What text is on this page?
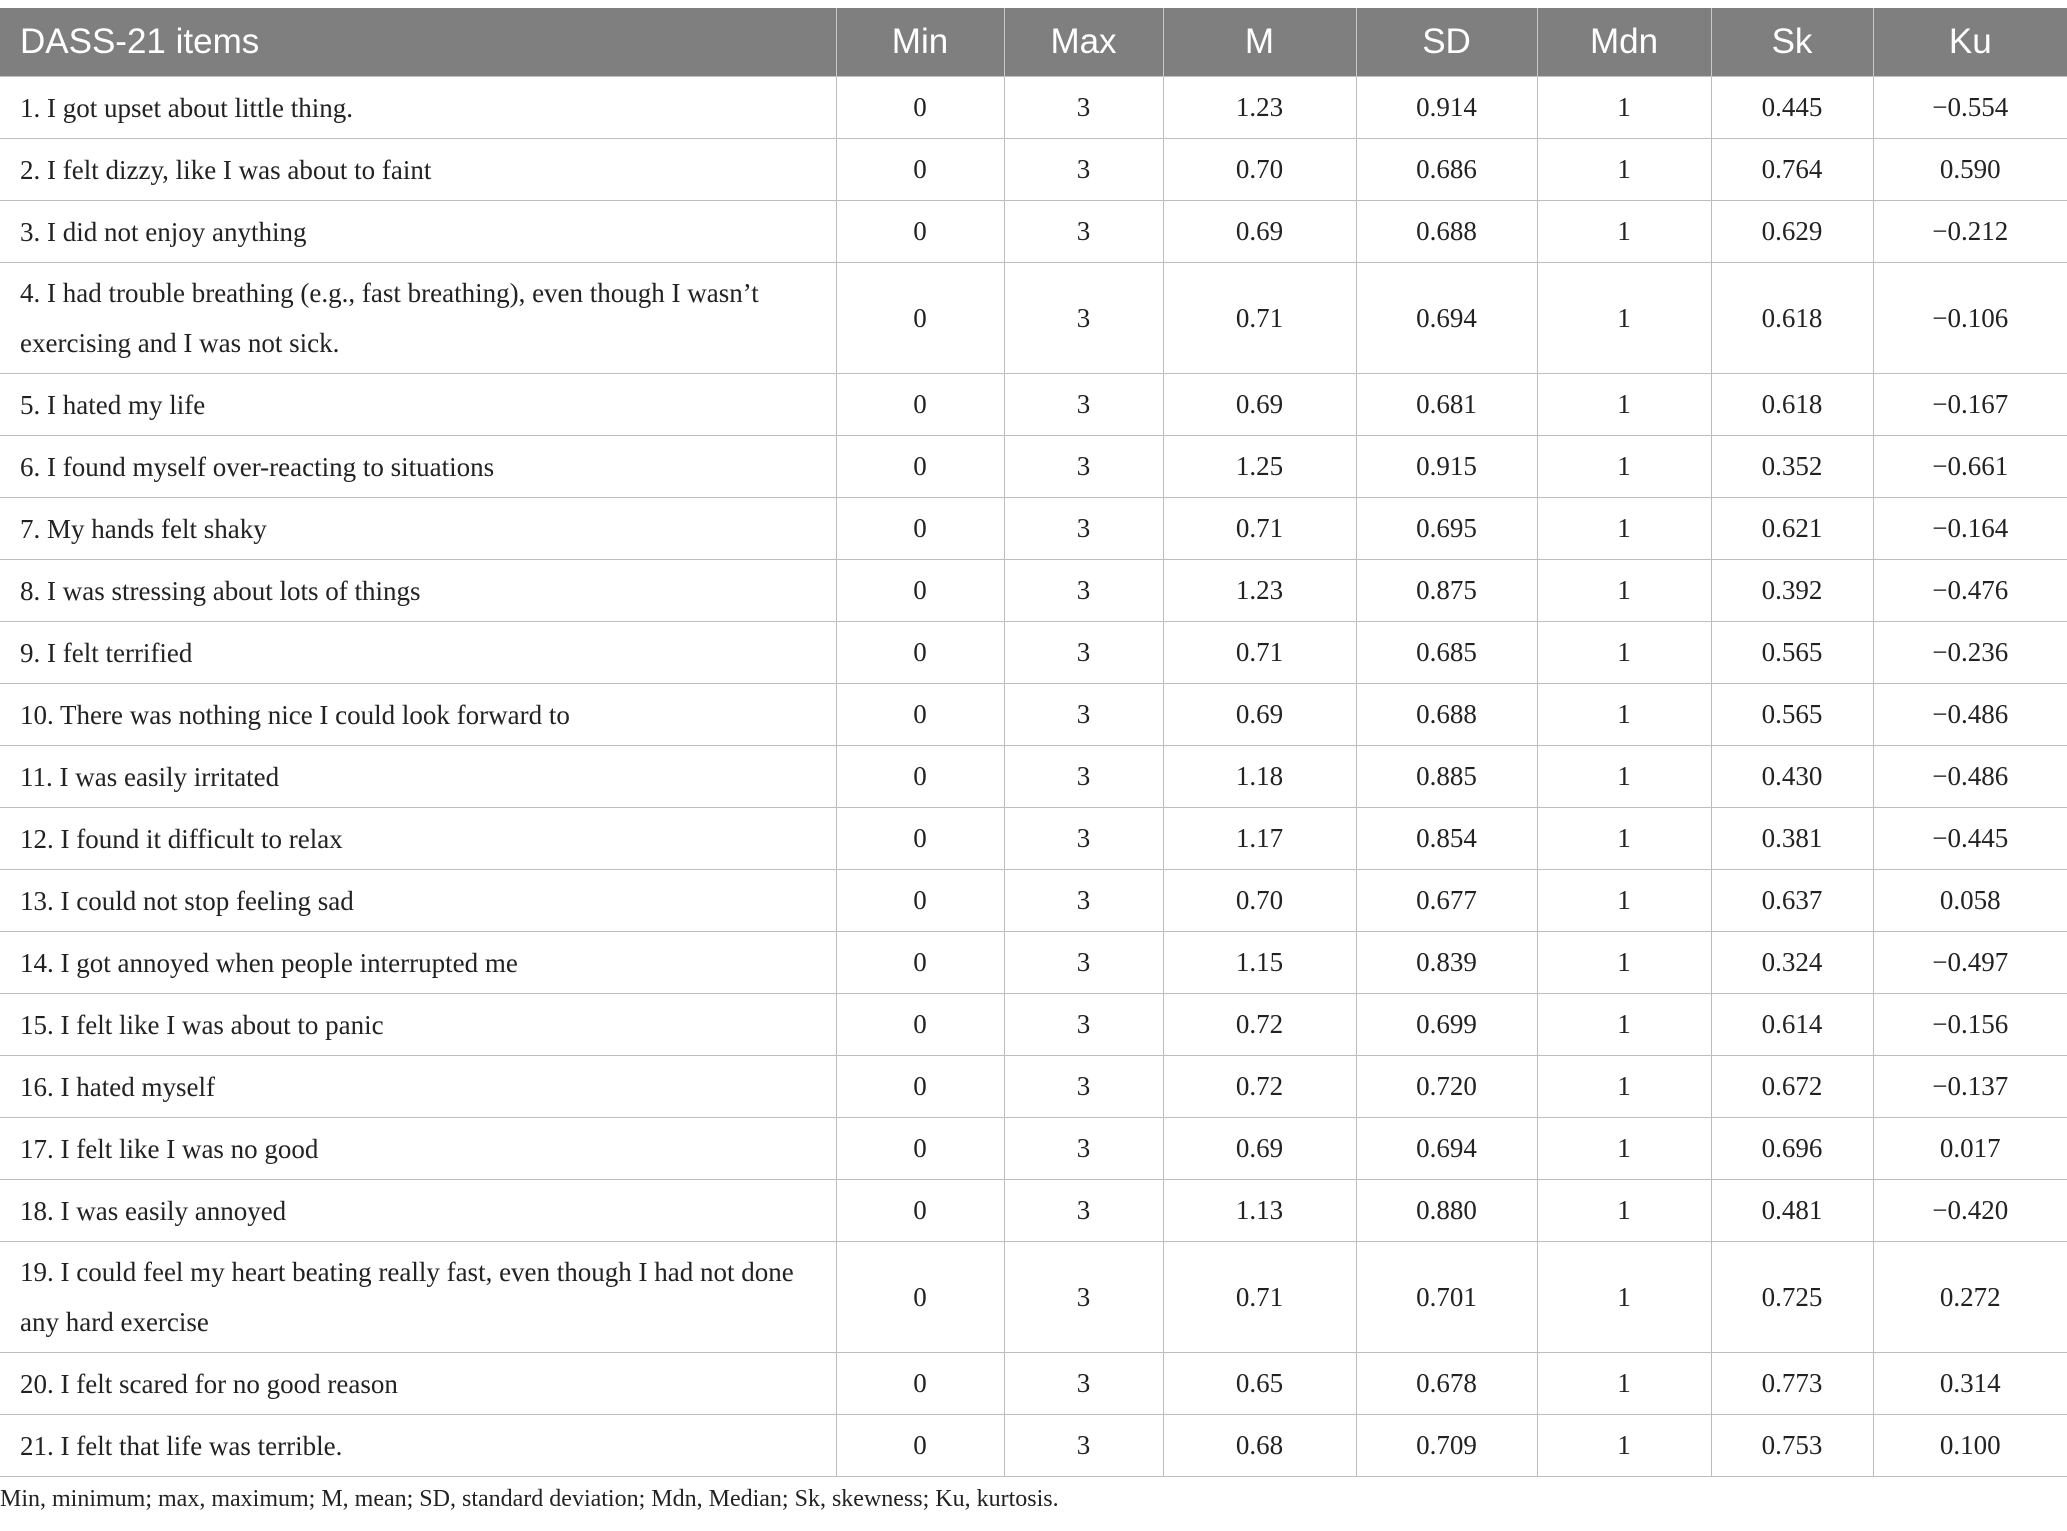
DASS-21 items	Min	Max	M	SD	Mdn	Sk	Ku
1. I got upset about little thing.	0	3	1.23	0.914	1	0.445	−0.554
2. I felt dizzy, like I was about to faint	0	3	0.70	0.686	1	0.764	0.590
3. I did not enjoy anything	0	3	0.69	0.688	1	0.629	−0.212
4. I had trouble breathing (e.g., fast breathing), even though I wasn’t exercising and I was not sick.	0	3	0.71	0.694	1	0.618	−0.106
5. I hated my life	0	3	0.69	0.681	1	0.618	−0.167
6. I found myself over-reacting to situations	0	3	1.25	0.915	1	0.352	−0.661
7. My hands felt shaky	0	3	0.71	0.695	1	0.621	−0.164
8. I was stressing about lots of things	0	3	1.23	0.875	1	0.392	−0.476
9. I felt terrified	0	3	0.71	0.685	1	0.565	−0.236
10. There was nothing nice I could look forward to	0	3	0.69	0.688	1	0.565	−0.486
11. I was easily irritated	0	3	1.18	0.885	1	0.430	−0.486
12. I found it difficult to relax	0	3	1.17	0.854	1	0.381	−0.445
13. I could not stop feeling sad	0	3	0.70	0.677	1	0.637	0.058
14. I got annoyed when people interrupted me	0	3	1.15	0.839	1	0.324	−0.497
15. I felt like I was about to panic	0	3	0.72	0.699	1	0.614	−0.156
16. I hated myself	0	3	0.72	0.720	1	0.672	−0.137
17. I felt like I was no good	0	3	0.69	0.694	1	0.696	0.017
18. I was easily annoyed	0	3	1.13	0.880	1	0.481	−0.420
19. I could feel my heart beating really fast, even though I had not done any hard exercise	0	3	0.71	0.701	1	0.725	0.272
20. I felt scared for no good reason	0	3	0.65	0.678	1	0.773	0.314
21. I felt that life was terrible.	0	3	0.68	0.709	1	0.753	0.100
Min, minimum; max, maximum; M, mean; SD, standard deviation; Mdn, Median; Sk, skewness; Ku, kurtosis.
